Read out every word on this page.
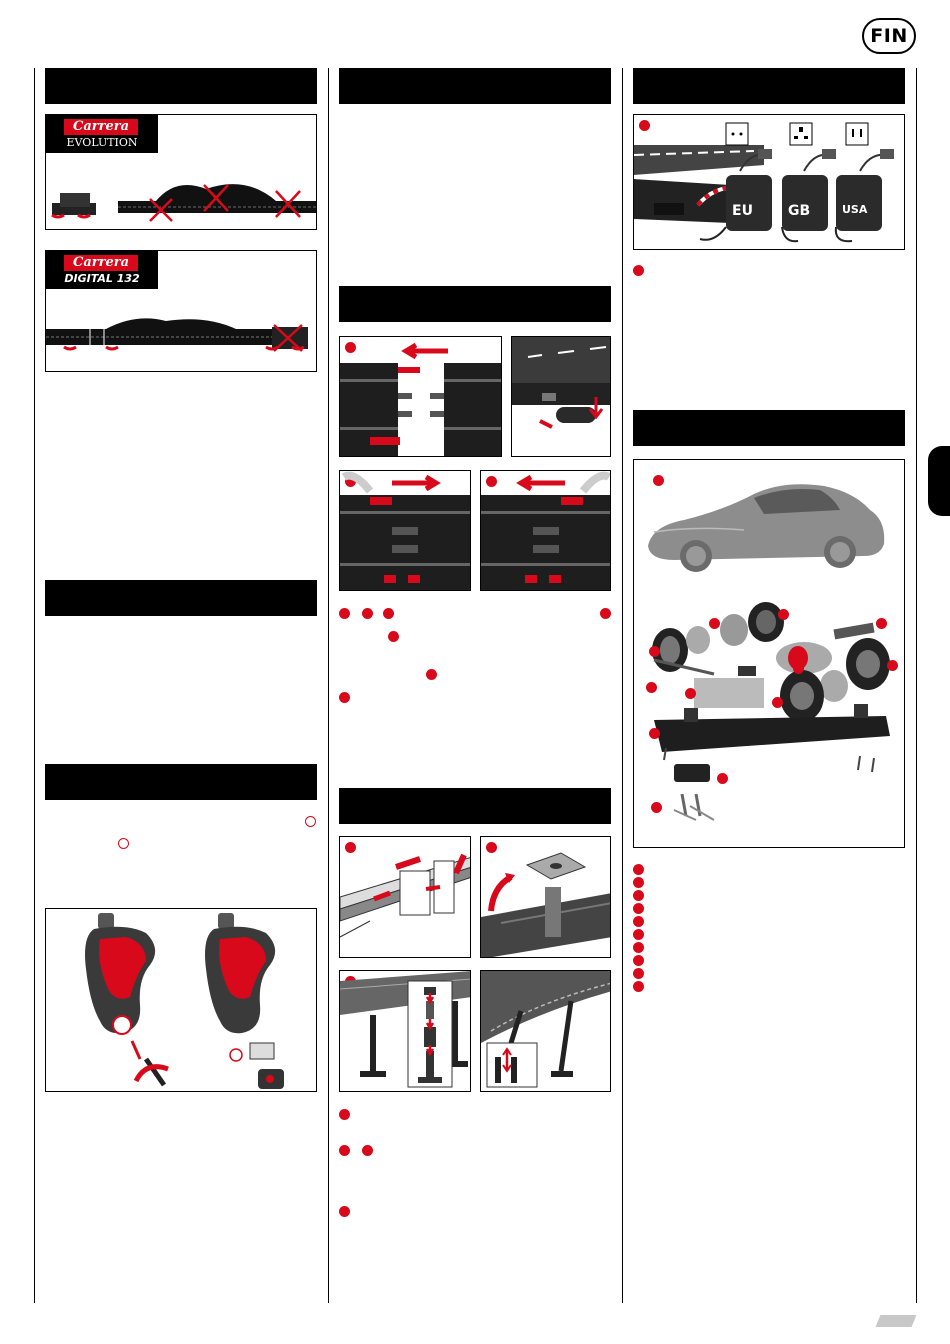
FIN
Carrera
EVOLUTION
Carrera
DIGITAL 132
EU	GB	USA
